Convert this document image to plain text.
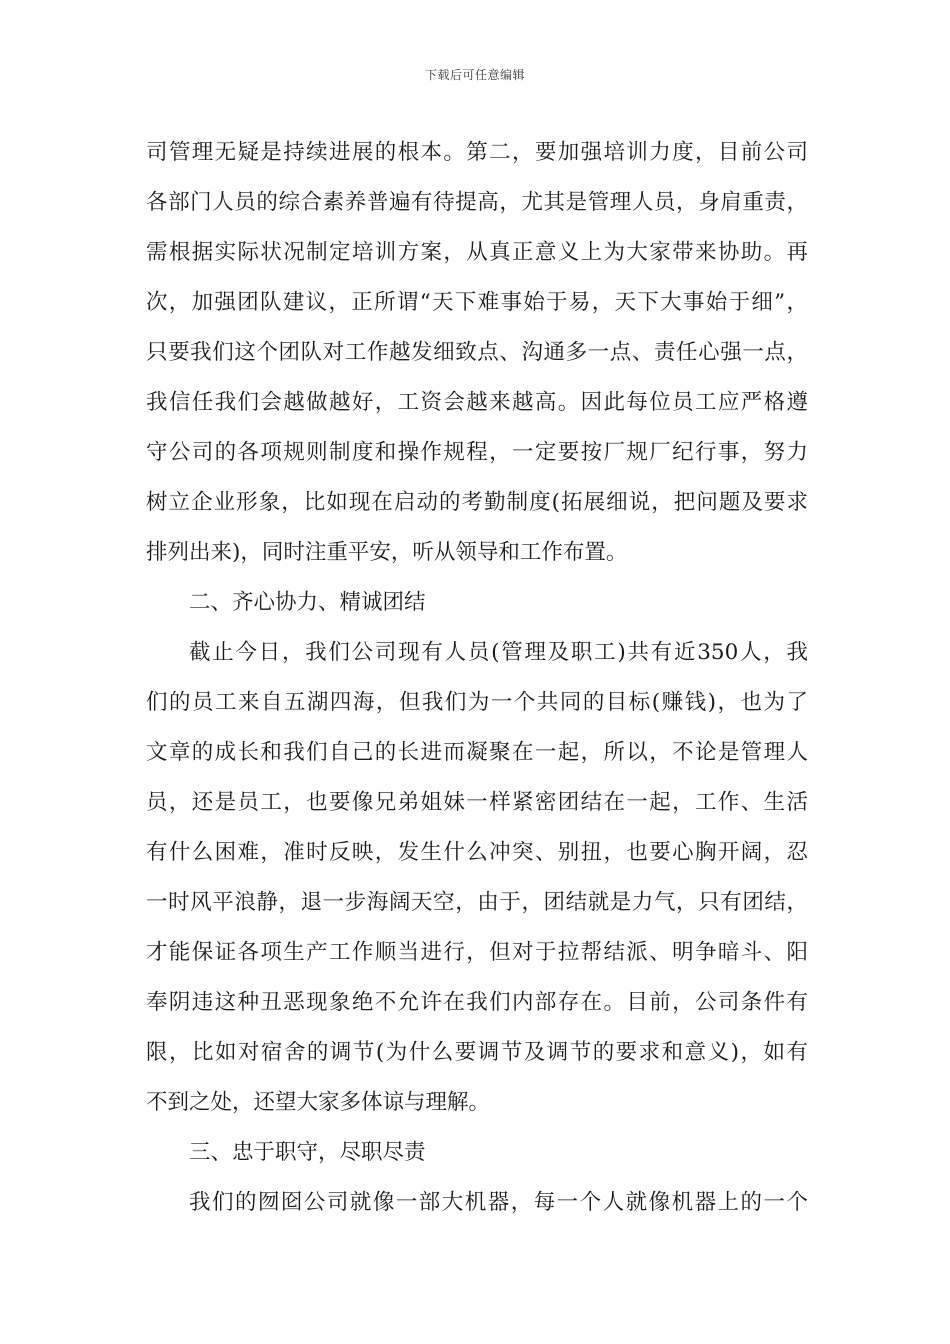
下载后可任意编辑
司管理无疑是持续进展的根本。第二，要加强培训力度，目前公司
各部门人员的综合素养普遍有待提高，尤其是管理人员，身肩重责，
需根据实际状况制定培训方案，从真正意义上为大家带来协助。再
次，加强团队建议，正所谓“天下难事始于易，天下大事始于细”，
只要我们这个团队对工作越发细致点、沟通多一点、责任心强一点，
我信任我们会越做越好，工资会越来越高。因此每位员工应严格遵
守公司的各项规则制度和操作规程，一定要按厂规厂纪行事，努力
树立企业形象，比如现在启动的考勤制度(拓展细说，把问题及要求
排列出来)，同时注重平安，听从领导和工作布置。
二、齐心协力、精诚团结
截止今日，我们公司现有人员(管理及职工)共有近350人，我
们的员工来自五湖四海，但我们为一个共同的目标(赚钱)，也为了
文章的成长和我们自己的长进而凝聚在一起，所以，不论是管理人
员，还是员工，也要像兄弟姐妹一样紧密团结在一起，工作、生活
有什么困难，准时反映，发生什么冲突、别扭，也要心胸开阔，忍
一时风平浪静，退一步海阔天空，由于，团结就是力气，只有团结，
才能保证各项生产工作顺当进行，但对于拉帮结派、明争暗斗、阳
奉阴违这种丑恶现象绝不允许在我们内部存在。目前，公司条件有
限，比如对宿舍的调节(为什么要调节及调节的要求和意义)，如有
不到之处，还望大家多体谅与理解。
三、忠于职守，尽职尽责
我们的囫囵公司就像一部大机器，每一个人就像机器上的一个
